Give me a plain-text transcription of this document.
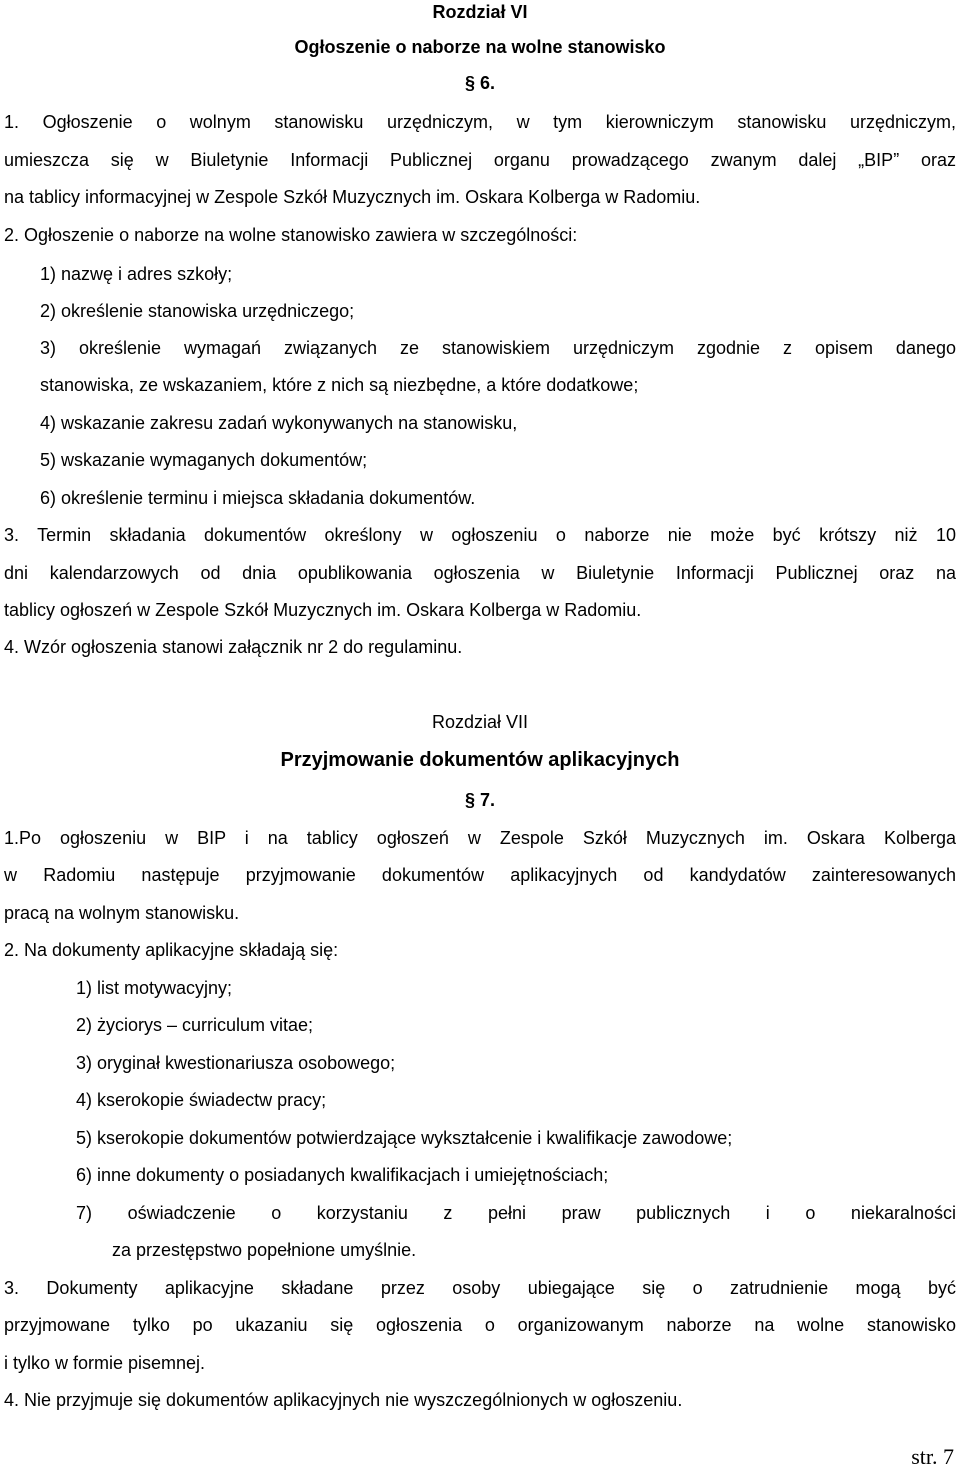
Rozdział VI
Ogłoszenie o naborze na wolne stanowisko
§ 6.
1. Ogłoszenie o wolnym stanowisku urzędniczym, w tym kierowniczym stanowisku urzędniczym,
umieszcza się w Biuletynie Informacji Publicznej organu prowadzącego zwanym dalej „BIP” oraz
na tablicy informacyjnej w Zespole Szkół Muzycznych im. Oskara Kolberga w Radomiu.
2. Ogłoszenie o naborze na wolne stanowisko zawiera w szczególności:
1) nazwę i adres szkoły;
2) określenie stanowiska urzędniczego;
3) określenie wymagań związanych ze stanowiskiem urzędniczym zgodnie z opisem danego
stanowiska, ze wskazaniem, które z nich są niezbędne, a które dodatkowe;
4) wskazanie zakresu zadań wykonywanych na stanowisku,
5) wskazanie wymaganych dokumentów;
6) określenie terminu i miejsca składania dokumentów.
3. Termin składania dokumentów określony w ogłoszeniu o naborze nie może być krótszy niż 10
dni kalendarzowych od dnia opublikowania ogłoszenia w Biuletynie Informacji Publicznej oraz na
tablicy ogłoszeń w Zespole Szkół Muzycznych im. Oskara Kolberga w Radomiu.
4. Wzór ogłoszenia stanowi załącznik nr 2 do regulaminu.
Rozdział VII
Przyjmowanie dokumentów aplikacyjnych
§ 7.
1.Po ogłoszeniu w BIP i na tablicy ogłoszeń w Zespole Szkół Muzycznych im. Oskara Kolberga
w Radomiu następuje przyjmowanie dokumentów aplikacyjnych od kandydatów zainteresowanych
pracą na wolnym stanowisku.
2. Na dokumenty aplikacyjne składają się:
1) list motywacyjny;
2) życiorys – curriculum vitae;
3) oryginał kwestionariusza osobowego;
4) kserokopie świadectw pracy;
5) kserokopie dokumentów potwierdzające wykształcenie i kwalifikacje zawodowe;
6) inne dokumenty o posiadanych kwalifikacjach i umiejętnościach;
7) oświadczenie o korzystaniu z pełni praw publicznych i o niekaralności
za przestępstwo popełnione umyślnie.
3. Dokumenty aplikacyjne składane przez osoby ubiegające się o zatrudnienie mogą być
przyjmowane tylko po ukazaniu się ogłoszenia o organizowanym naborze na wolne stanowisko
i tylko w formie pisemnej.
4. Nie przyjmuje się dokumentów aplikacyjnych nie wyszczególnionych w ogłoszeniu.
str. 7
